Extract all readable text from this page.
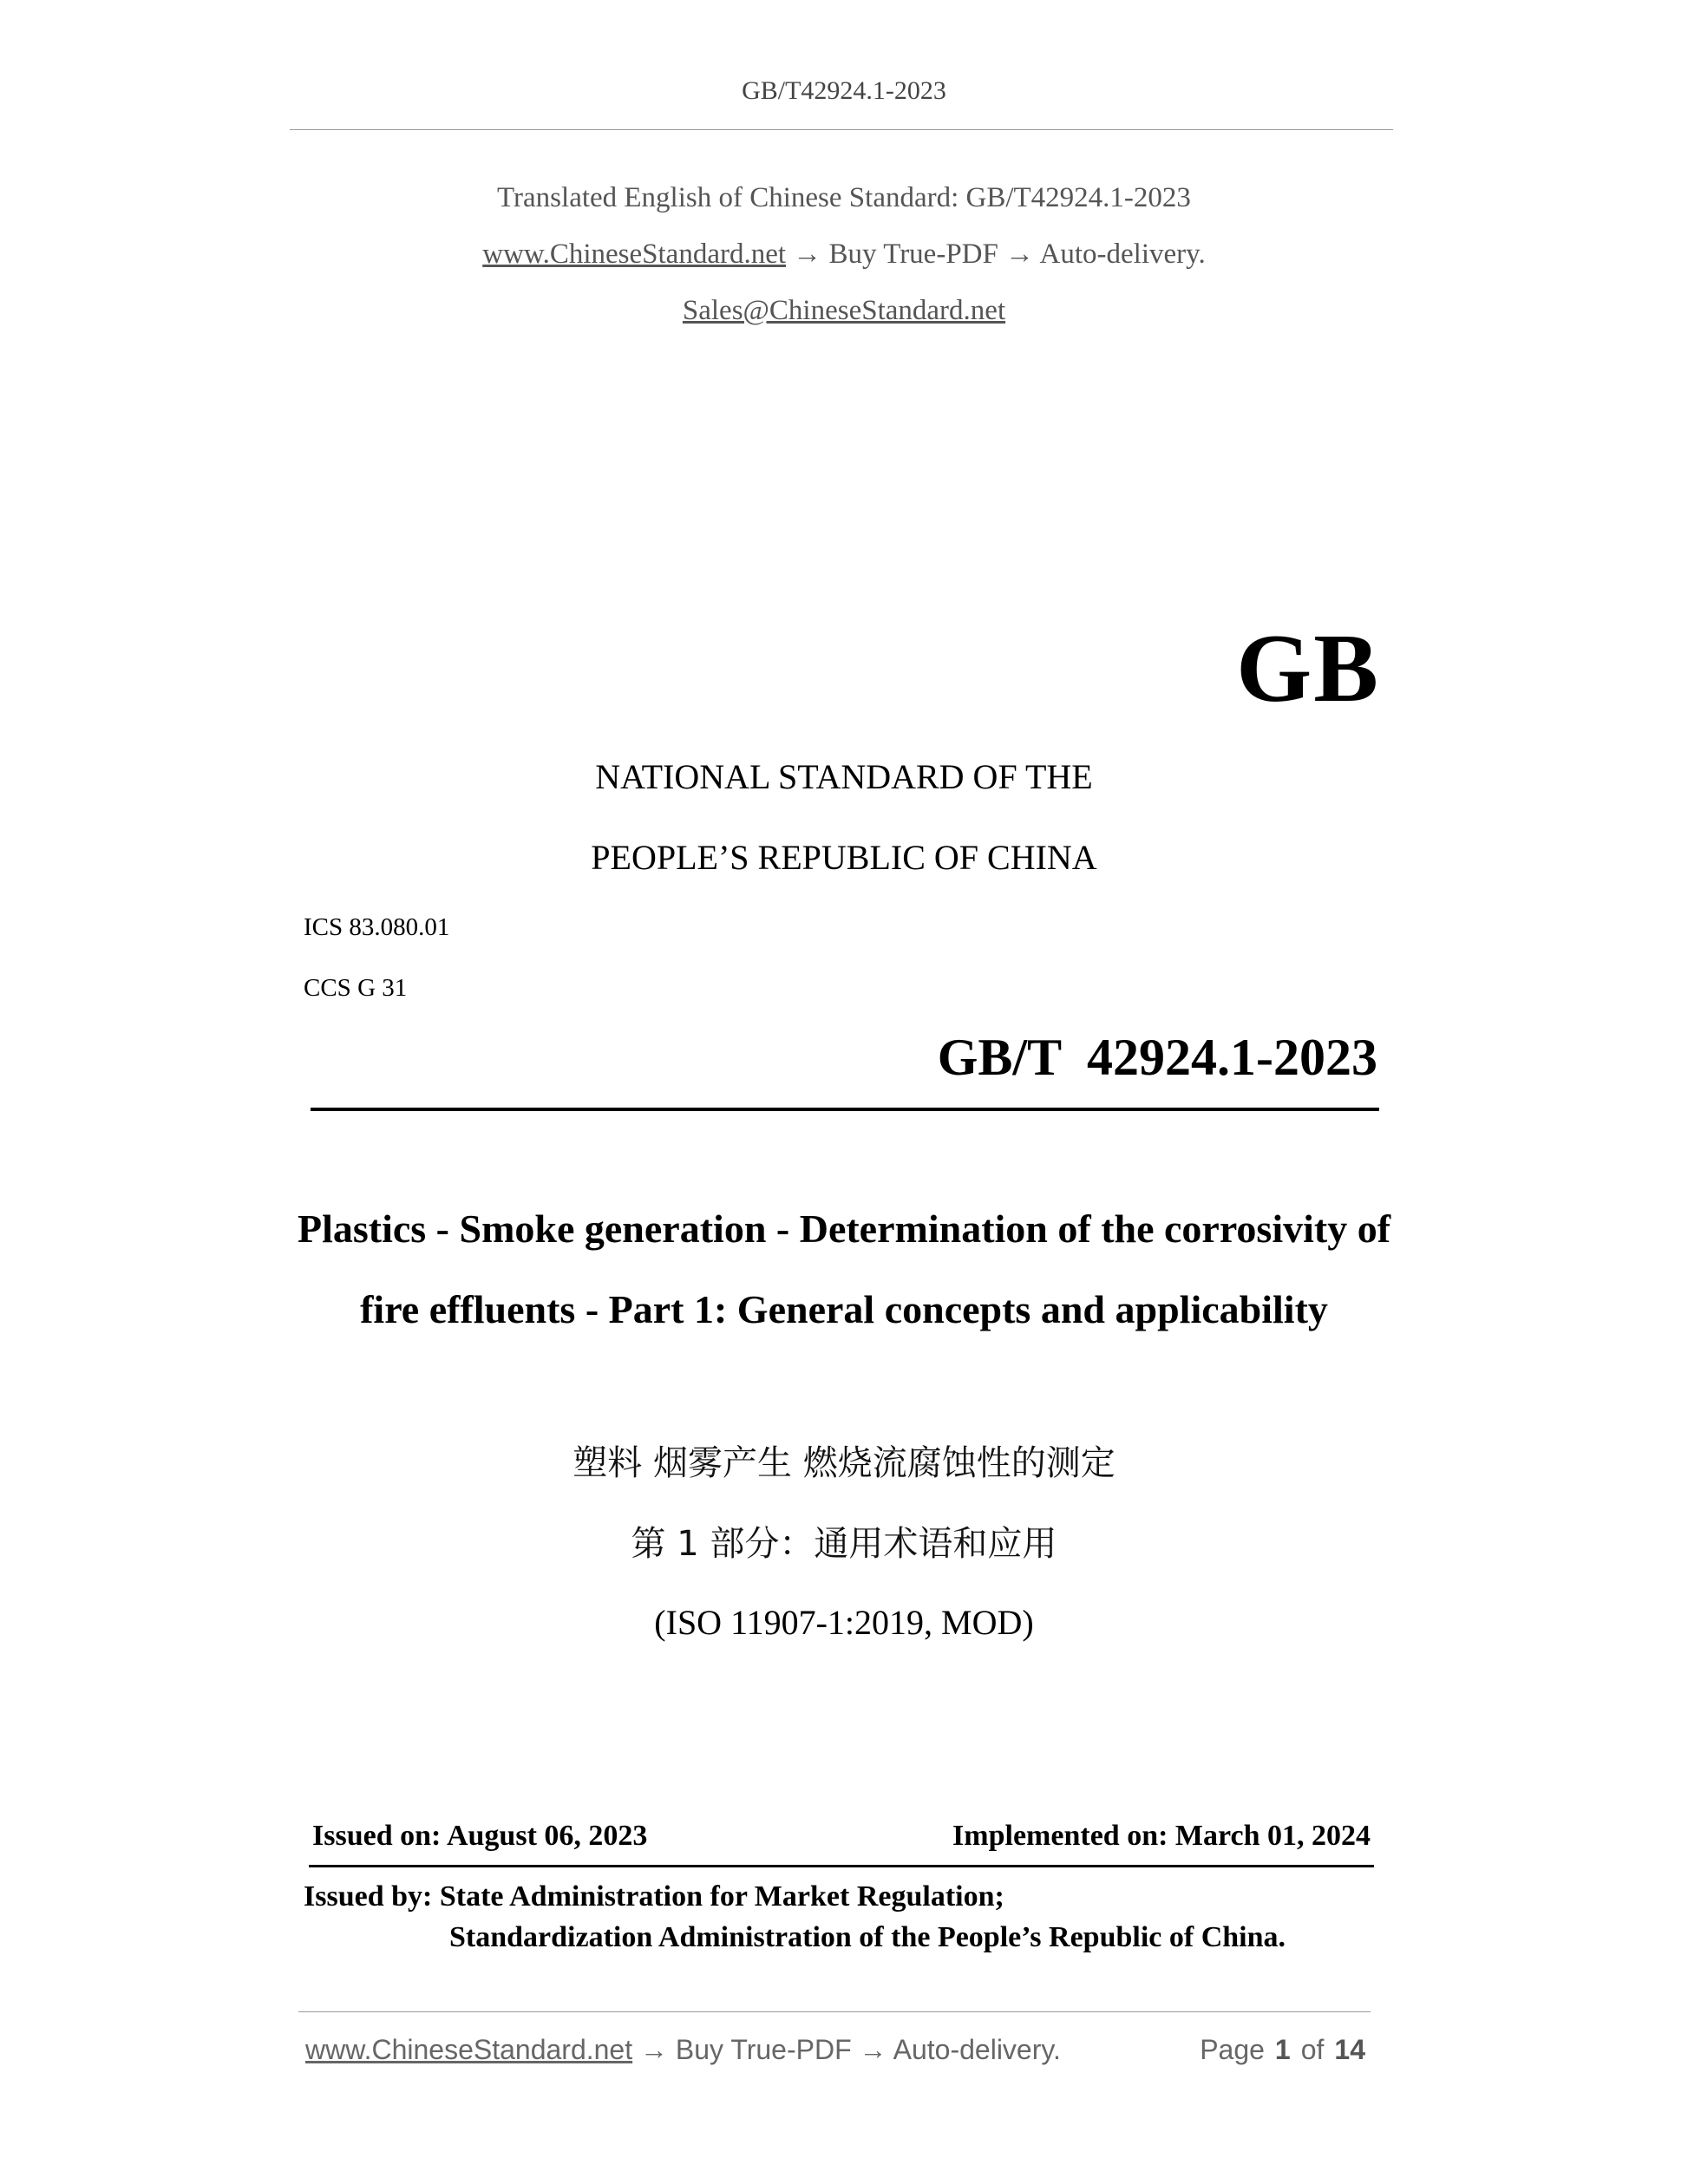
GB/T42924.1-2023
Translated English of Chinese Standard: GB/T42924.1-2023
www.ChineseStandard.net → Buy True-PDF → Auto-delivery.
Sales@ChineseStandard.net
GB
NATIONAL STANDARD OF THE
PEOPLE’S REPUBLIC OF CHINA
ICS 83.080.01
CCS G 31
GB/T  42924.1-2023
Plastics - Smoke generation - Determination of the corrosivity of fire effluents - Part 1: General concepts and applicability
塑料 烟雾产生 燃烧流腐蚀性的测定
第 1 部分：通用术语和应用
(ISO 11907-1:2019, MOD)
Issued on: August 06, 2023	Implemented on: March 01, 2024
Issued by: State Administration for Market Regulation;
Standardization Administration of the People’s Republic of China.
www.ChineseStandard.net → Buy True-PDF → Auto-delivery.	Page 1 of 14
